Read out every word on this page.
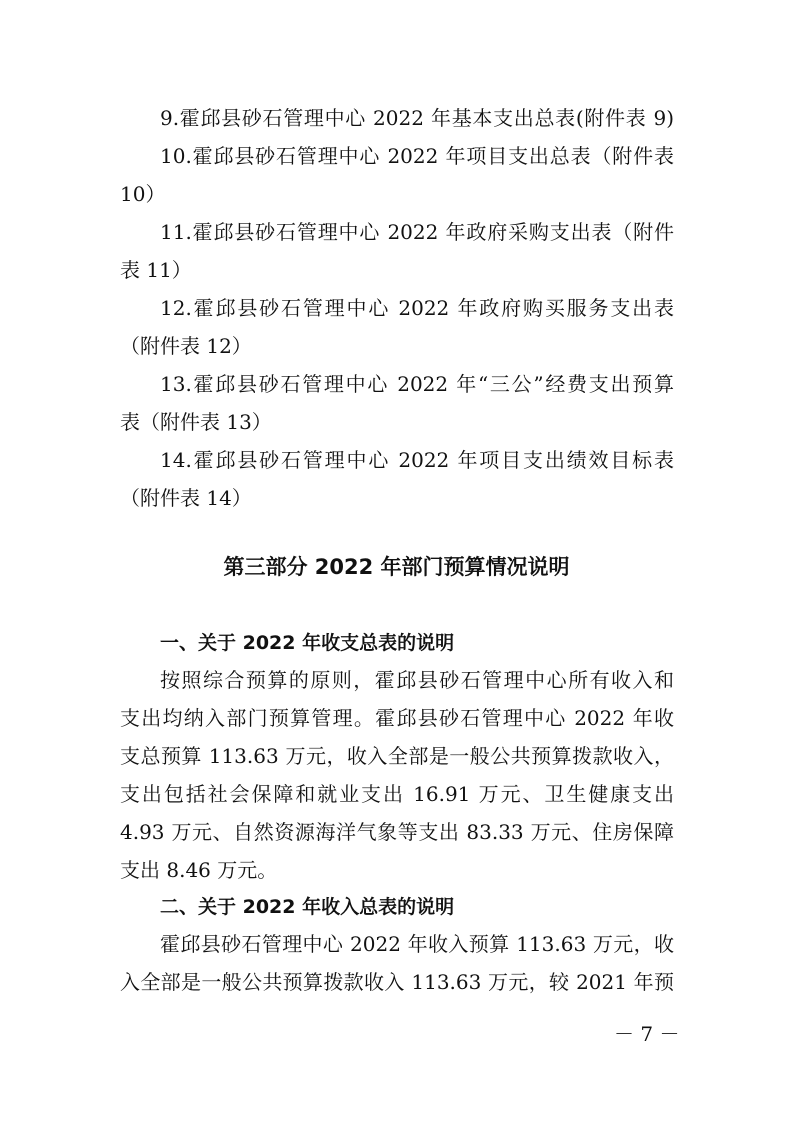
9.霍邱县砂石管理中心 2022 年基本支出总表(附件表 9)

10.霍邱县砂石管理中心 2022 年项目支出总表（附件表

10）

11.霍邱县砂石管理中心 2022 年政府采购支出表（附件

表 11）

12.霍邱县砂石管理中心 2022 年政府购买服务支出表

（附件表 12）

13.霍邱县砂石管理中心 2022 年“三公”经费支出预算

表（附件表 13）

14.霍邱县砂石管理中心 2022 年项目支出绩效目标表

（附件表 14）

第三部分 2022 年部门预算情况说明
一、关于 2022 年收支总表的说明

按照综合预算的原则，霍邱县砂石管理中心所有收入和

支出均纳入部门预算管理。霍邱县砂石管理中心 2022 年收

支总预算 113.63 万元，收入全部是一般公共预算拨款收入，

支出包括社会保障和就业支出 16.91 万元、卫生健康支出

4.93 万元、自然资源海洋气象等支出 83.33 万元、住房保障

支出 8.46 万元。

二、关于 2022 年收入总表的说明

霍邱县砂石管理中心 2022 年收入预算 113.63 万元，收

入全部是一般公共预算拨款收入 113.63 万元，较 2021 年预

－ 7 －
